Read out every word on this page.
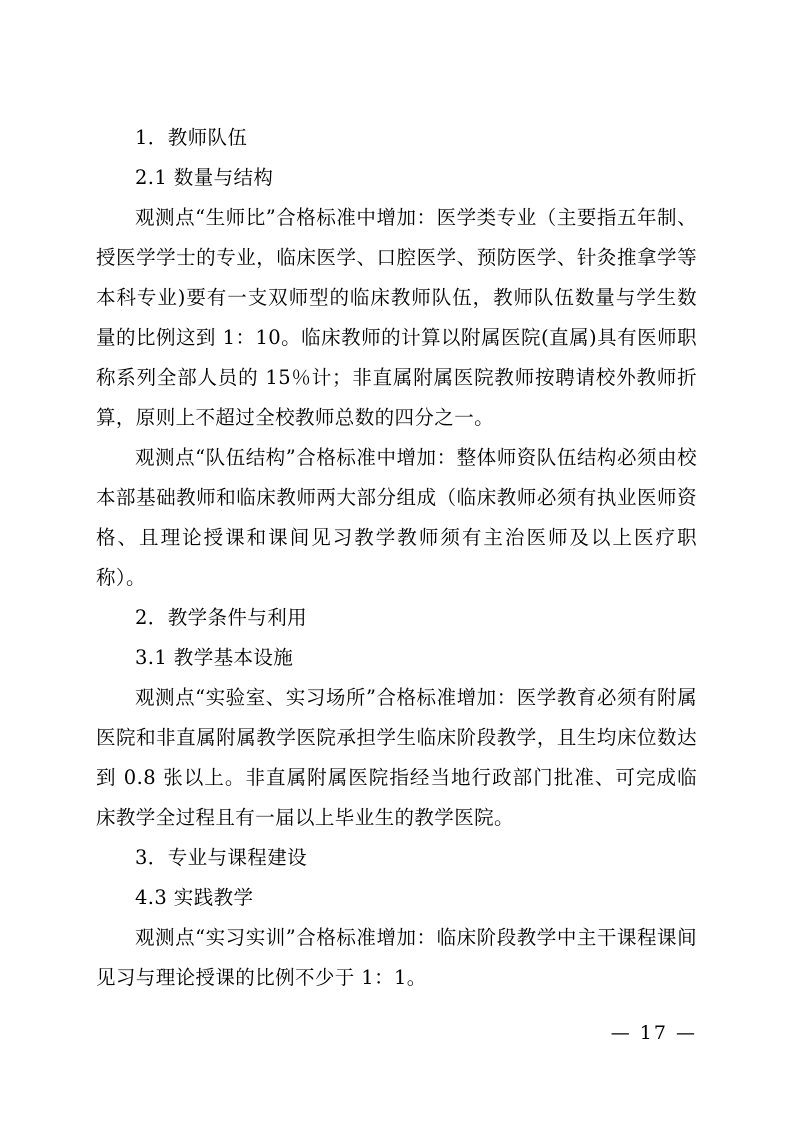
1．教师队伍

2.1 数量与结构

观测点“生师比”合格标准中增加：医学类专业（主要指五年制、授医学学士的专业，临床医学、口腔医学、预防医学、针灸推拿学等本科专业)要有一支双师型的临床教师队伍，教师队伍数量与学生数量的比例这到 1：10。临床教师的计算以附属医院(直属)具有医师职称系列全部人员的 15％计；非直属附属医院教师按聘请校外教师折算，原则上不超过全校教师总数的四分之一。

观测点“队伍结构”合格标准中增加：整体师资队伍结构必须由校本部基础教师和临床教师两大部分组成（临床教师必须有执业医师资格、且理论授课和课间见习教学教师须有主治医师及以上医疗职称）。

2．教学条件与利用

3.1 教学基本设施

观测点“实验室、实习场所”合格标准增加：医学教育必须有附属医院和非直属附属教学医院承担学生临床阶段教学，且生均床位数达到 0.8 张以上。非直属附属医院指经当地行政部门批准、可完成临床教学全过程且有一届以上毕业生的教学医院。

3．专业与课程建设

4.3 实践教学

观测点“实习实训”合格标准增加：临床阶段教学中主干课程课间见习与理论授课的比例不少于 1：1。

— 17 —
